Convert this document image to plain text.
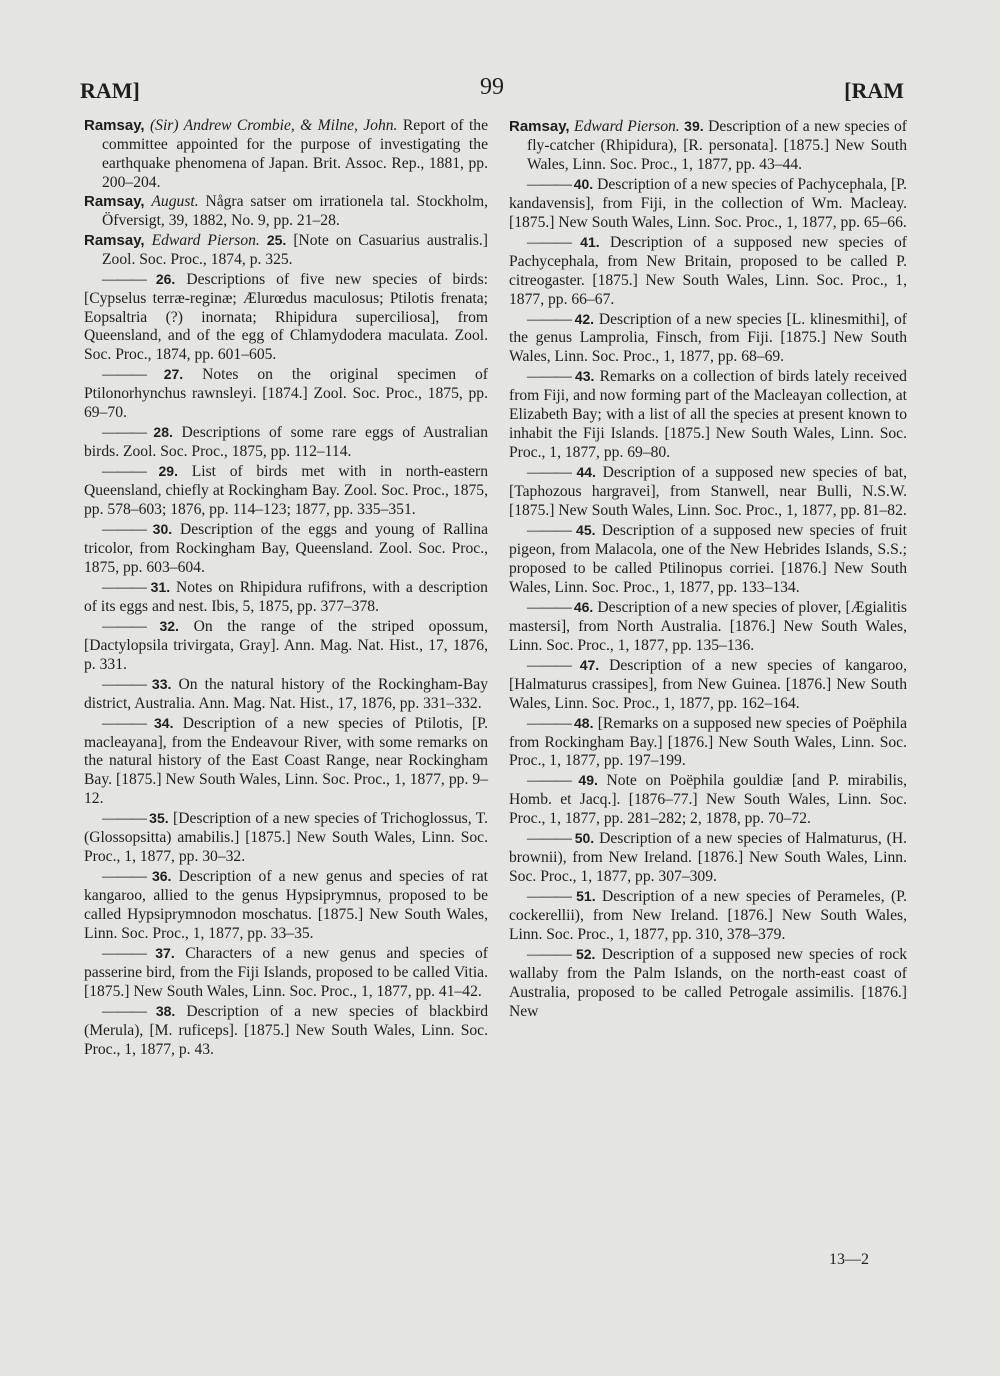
RAM]	99	[RAM

Ramsay, (Sir) Andrew Crombie, & Milne, John. Report of the committee appointed for the purpose of investigating the earthquake phenomena of Japan. Brit. Assoc. Rep., 1881, pp. 200–204.

Ramsay, August. Några satser om irrationela tal. Stockholm, Öfversigt, 39, 1882, No. 9, pp. 21–28.

Ramsay, Edward Pierson. 25. [Note on Casuarius australis.] Zool. Soc. Proc., 1874, p. 325.

——— 26. Descriptions of five new species of birds: [Cypselus terræ-reginæ; Ælurœdus maculosus; Ptilotis frenata; Eopsaltria (?) inornata; Rhipidura superciliosa], from Queensland, and of the egg of Chlamydodera maculata. Zool. Soc. Proc., 1874, pp. 601–605.

——— 27. Notes on the original specimen of Ptilonorhynchus rawnsleyi. [1874.] Zool. Soc. Proc., 1875, pp. 69–70.

——— 28. Descriptions of some rare eggs of Australian birds. Zool. Soc. Proc., 1875, pp. 112–114.

——— 29. List of birds met with in north-eastern Queensland, chiefly at Rockingham Bay. Zool. Soc. Proc., 1875, pp. 578–603; 1876, pp. 114–123; 1877, pp. 335–351.

——— 30. Description of the eggs and young of Rallina tricolor, from Rockingham Bay, Queensland. Zool. Soc. Proc., 1875, pp. 603–604.

——— 31. Notes on Rhipidura rufifrons, with a description of its eggs and nest. Ibis, 5, 1875, pp. 377–378.

——— 32. On the range of the striped opossum, [Dactylopsila trivirgata, Gray]. Ann. Mag. Nat. Hist., 17, 1876, p. 331.

——— 33. On the natural history of the Rockingham-Bay district, Australia. Ann. Mag. Nat. Hist., 17, 1876, pp. 331–332.

——— 34. Description of a new species of Ptilotis, [P. macleayana], from the Endeavour River, with some remarks on the natural history of the East Coast Range, near Rockingham Bay. [1875.] New South Wales, Linn. Soc. Proc., 1, 1877, pp. 9–12.

——— 35. [Description of a new species of Trichoglossus, T. (Glossopsitta) amabilis.] [1875.] New South Wales, Linn. Soc. Proc., 1, 1877, pp. 30–32.

——— 36. Description of a new genus and species of rat kangaroo, allied to the genus Hypsiprymnus, proposed to be called Hypsiprymnodon moschatus. [1875.] New South Wales, Linn. Soc. Proc., 1, 1877, pp. 33–35.

——— 37. Characters of a new genus and species of passerine bird, from the Fiji Islands, proposed to be called Vitia. [1875.] New South Wales, Linn. Soc. Proc., 1, 1877, pp. 41–42.

——— 38. Description of a new species of blackbird (Merula), [M. ruficeps]. [1875.] New South Wales, Linn. Soc. Proc., 1, 1877, p. 43.

Ramsay, Edward Pierson. 39. Description of a new species of fly-catcher (Rhipidura), [R. personata]. [1875.] New South Wales, Linn. Soc. Proc., 1, 1877, pp. 43–44.

——— 40. Description of a new species of Pachycephala, [P. kandavensis], from Fiji, in the collection of Wm. Macleay. [1875.] New South Wales, Linn. Soc. Proc., 1, 1877, pp. 65–66.

——— 41. Description of a supposed new species of Pachycephala, from New Britain, proposed to be called P. citreogaster. [1875.] New South Wales, Linn. Soc. Proc., 1, 1877, pp. 66–67.

——— 42. Description of a new species [L. klinesmithi], of the genus Lamprolia, Finsch, from Fiji. [1875.] New South Wales, Linn. Soc. Proc., 1, 1877, pp. 68–69.

——— 43. Remarks on a collection of birds lately received from Fiji, and now forming part of the Macleayan collection, at Elizabeth Bay; with a list of all the species at present known to inhabit the Fiji Islands. [1875.] New South Wales, Linn. Soc. Proc., 1, 1877, pp. 69–80.

——— 44. Description of a supposed new species of bat, [Taphozous hargravei], from Stanwell, near Bulli, N.S.W. [1875.] New South Wales, Linn. Soc. Proc., 1, 1877, pp. 81–82.

——— 45. Description of a supposed new species of fruit pigeon, from Malacola, one of the New Hebrides Islands, S.S.; proposed to be called Ptilinopus corriei. [1876.] New South Wales, Linn. Soc. Proc., 1, 1877, pp. 133–134.

——— 46. Description of a new species of plover, [Ægialitis mastersi], from North Australia. [1876.] New South Wales, Linn. Soc. Proc., 1, 1877, pp. 135–136.

——— 47. Description of a new species of kangaroo, [Halmaturus crassipes], from New Guinea. [1876.] New South Wales, Linn. Soc. Proc., 1, 1877, pp. 162–164.

——— 48. [Remarks on a supposed new species of Poëphila from Rockingham Bay.] [1876.] New South Wales, Linn. Soc. Proc., 1, 1877, pp. 197–199.

——— 49. Note on Poëphila gouldiæ [and P. mirabilis, Homb. et Jacq.]. [1876–77.] New South Wales, Linn. Soc. Proc., 1, 1877, pp. 281–282; 2, 1878, pp. 70–72.

——— 50. Description of a new species of Halmaturus, (H. brownii), from New Ireland. [1876.] New South Wales, Linn. Soc. Proc., 1, 1877, pp. 307–309.

——— 51. Description of a new species of Perameles, (P. cockerellii), from New Ireland. [1876.] New South Wales, Linn. Soc. Proc., 1, 1877, pp. 310, 378–379.

——— 52. Description of a supposed new species of rock wallaby from the Palm Islands, on the north-east coast of Australia, proposed to be called Petrogale assimilis. [1876.] New

13—2
